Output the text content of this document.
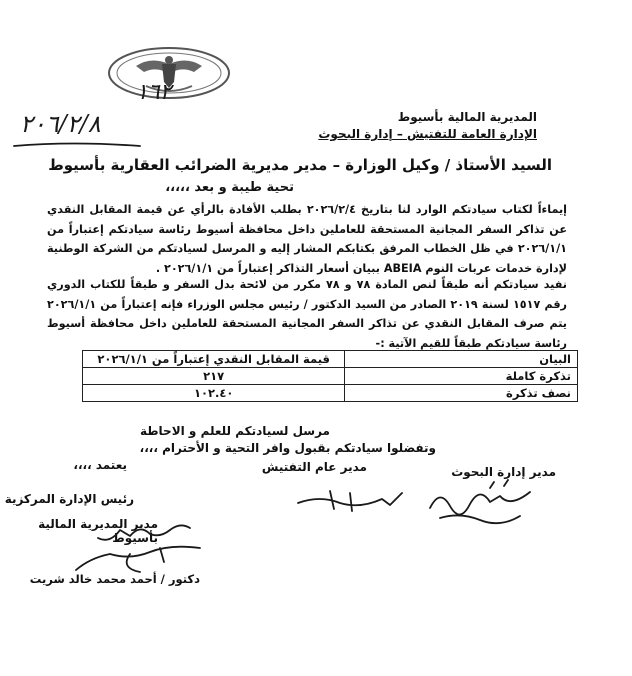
١٦٢
٢٠٦/٢/٨	المديرية المالية بأسيوط
الإدارة العامة للتفتيش – إدارة البحوث
السيد الأستاذ / وكيل الوزارة – مدير مديرية الضرائب العقارية بأسيوط
تحية طيبة و بعد ،،،،،
إيماءاً لكتاب سيادتكم الوارد لنا بتاريخ ٢٠٢٦/٢/٤ بطلب الأفادة بالرأي عن قيمة المقابل النقدي عن تذاكر السفر المجانية المستحقة للعاملين داخل محافظة أسيوط رئاسة سيادتكم إعتباراً من ٢٠٢٦/١/١ في ظل الخطاب المرفق بكتابكم المشار إليه و المرسل لسيادتكم من الشركة الوطنية لإدارة خدمات عربات النوم ABEIA ببيان أسعار التذاكر إعتباراً من ٢٠٢٦/١/١ .
نفيد سيادتكم أنه طبقاً لنص المادة ٧٨ و ٧٨ مكرر من لائحة بدل السفر و طبقاً للكتاب الدوري رقم ١٥١٧ لسنة ٢٠١٩ الصادر من السيد الدكتور / رئيس مجلس الوزراء فإنه إعتباراً من ٢٠٢٦/١/١ يتم صرف المقابل النقدي عن تذاكر السفر المجانية المستحقة للعاملين داخل محافظة أسيوط رئاسة سيادتكم طبقاً للقيم الآتية :-
البيان	قيمة المقابل النقدي إعتباراً من ٢٠٢٦/١/١
تذكرة كاملة	٢١٧
نصف تذكرة	١٠٢.٤٠
مرسل لسيادتكم للعلم و الاحاطة
وتفضلوا سيادتكم بقبول وافر التحية و الأحترام ،،،،
مدير إدارة البحوث
مدير عام التفتيش
يعتمد ،،،،
رئيس الإدارة المركزية
مدير المديرية المالية بأسيوط
دكتور / أحمد محمد خالد شريت
